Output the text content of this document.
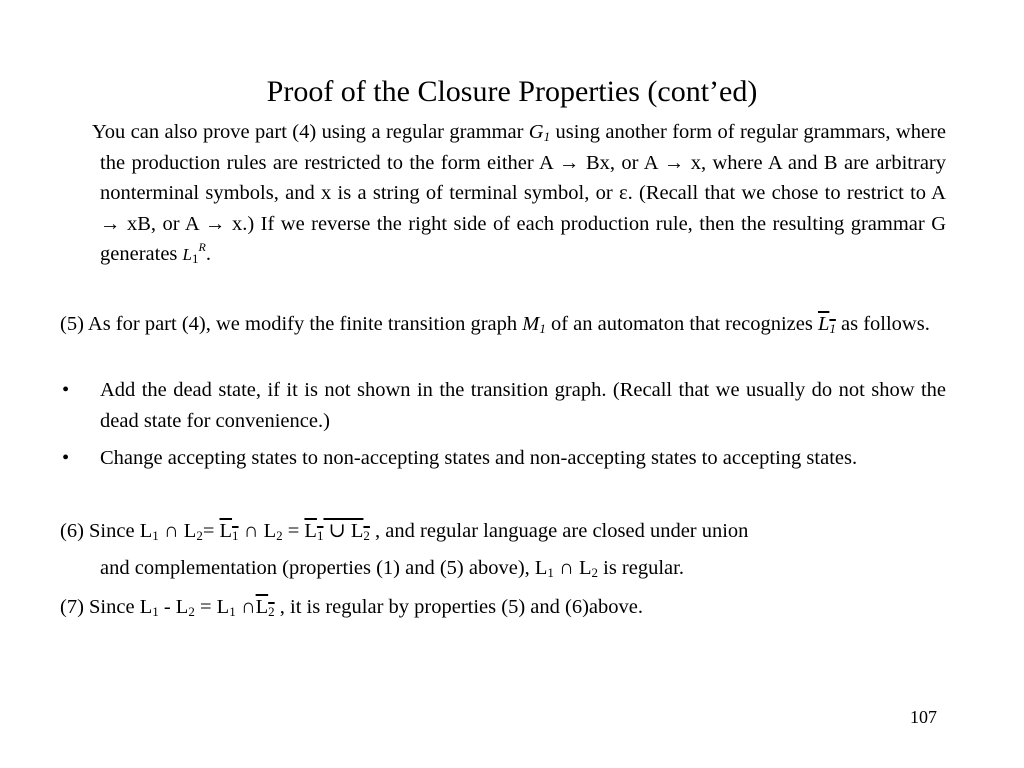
Proof of the Closure Properties (cont’ed)
You can also prove part (4) using a regular grammar $G_1$ using another form of regular grammars, where the production rules are restricted to the form either A → Bx, or A → x, where A and B are arbitrary nonterminal symbols, and x is a string of terminal symbol, or ε. (Recall that we chose to restrict to A → xB, or A → x.) If we reverse the right side of each production rule, then the resulting grammar G generates $L_1^R$.
(5) As for part (4), we modify the finite transition graph $M_1$ of an automaton that recognizes $L_1$ as follows.
• Add the dead state, if it is not shown in the transition graph. (Recall that we usually do not show the dead state for convenience.)
• Change accepting states to non-accepting states and non-accepting states to accepting states.
(6) Since $L_1$ ∩ $L_2= L_1$ ∩ $L_2 = L_1$ ∪ $L_2$ , and regular language are closed under union
and complementation (properties (1) and (5) above), $L_1$ ∩ $L_2$ is regular.
(7) Since $L_1 - L_2 = L_1$ $\cap L_2$ , it is regular by properties (5) and (6)above.
107
